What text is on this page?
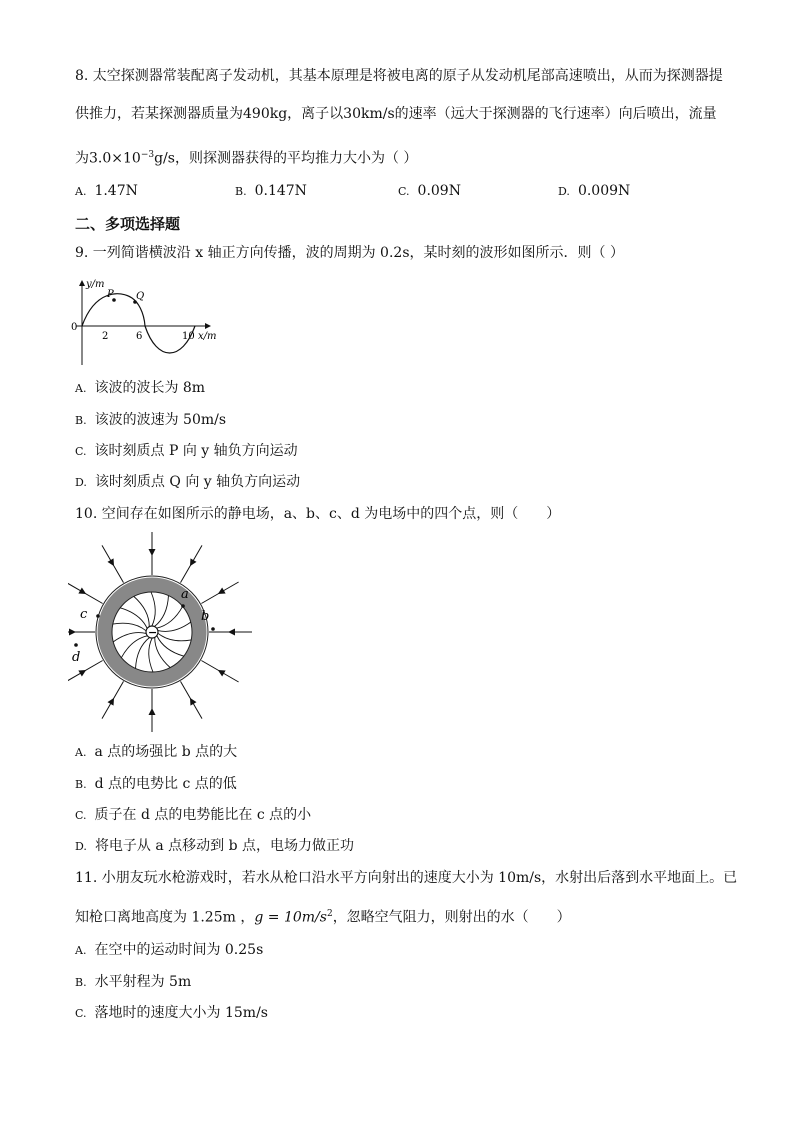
8. 太空探测器常装配离子发动机，其基本原理是将被电离的原子从发动机尾部高速喷出，从而为探测器提
供推力，若某探测器质量为490kg，离子以30km/s的速率（远大于探测器的飞行速率）向后喷出，流量
为$3.0\times 10^{-3}g/s$，则探测器获得的平均推力大小为（ ）
A. 1.47N	B. 0.147N	C. 0.09N	D. 0.009N
二、多项选择题
9. 一列简谐横波沿 x 轴正方向传播，波的周期为 0.2s，某时刻的波形如图所示．则（ ）
y/m
0
2	6	10 x/m
P Q
A. 该波的波长为 8m
B. 该波的波速为 50m/s
C. 该时刻质点 P 向 y 轴负方向运动
D. 该时刻质点 Q 向 y 轴负方向运动
10. 空间存在如图所示的静电场，a、b、c、d 为电场中的四个点，则（　　）
−
a
b
c
d
A. a 点的场强比 b 点的大
B. d 点的电势比 c 点的低
C. 质子在 d 点的电势能比在 c 点的小
D. 将电子从 a 点移动到 b 点，电场力做正功
11. 小朋友玩水枪游戏时，若水从枪口沿水平方向射出的速度大小为 10m/s，水射出后落到水平地面上。已
知枪口离地高度为 1.25m ，$g = 10m/s^2$，忽略空气阻力，则射出的水（　　）
A. 在空中的运动时间为 0.25s
B. 水平射程为 5m
C. 落地时的速度大小为 15m/s
